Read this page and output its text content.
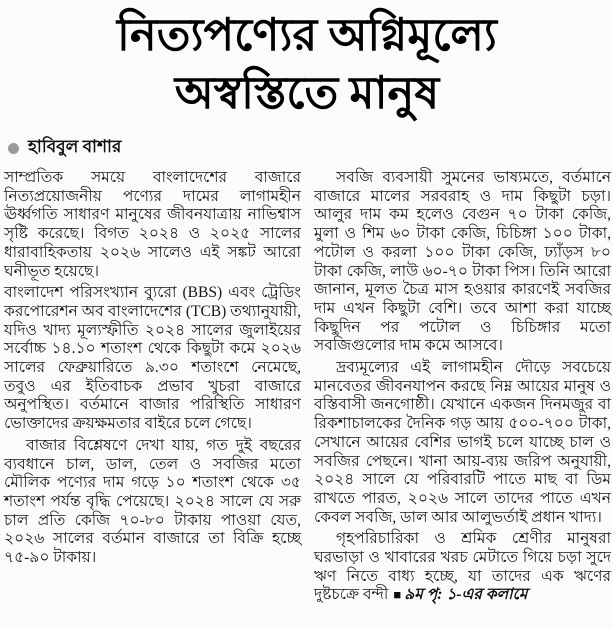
নিত্যপণ্যের অগ্নিমূল্যে
অস্বস্তিতে মানুষ
হাবিবুল বাশার

সাম্প্রতিক সময়ে বাংলাদেশের বাজারে নিত্যপ্রয়োজনীয় পণ্যের দামের লাগামহীন ঊর্ধ্বগতি সাধারণ মানুষের জীবনযাত্রায় নাভিশ্বাস সৃষ্টি করেছে। বিগত ২০২৪ ও ২০২৫ সালের ধারাবাহিকতায় ২০২৬ সালেও এই সঙ্কট আরো ঘনীভূত হয়েছে।

বাংলাদেশ পরিসংখ্যান ব্যুরো (BBS) এবং ট্রেডিং করপোরেশন অব বাংলাদেশের (TCB) তথ্যানুযায়ী, যদিও খাদ্য মূল্যস্ফীতি ২০২৪ সালের জুলাইয়ের সর্বোচ্চ ১৪.১০ শতাংশ থেকে কিছুটা কমে ২০২৬ সালের ফেব্রুয়ারিতে ৯.৩০ শতাংশে নেমেছে, তবুও এর ইতিবাচক প্রভাব খুচরা বাজারে অনুপস্থিত। বর্তমানে বাজার পরিস্থিতি সাধারণ ভোক্তাদের ক্রয়ক্ষমতার বাইরে চলে গেছে।

বাজার বিশ্লেষণে দেখা যায়, গত দুই বছরের ব্যবধানে চাল, ডাল, তেল ও সবজির মতো মৌলিক পণ্যের দাম গড়ে ১০ শতাংশ থেকে ৩৫ শতাংশ পর্যন্ত বৃদ্ধি পেয়েছে। ২০২৪ সালে যে সরু চাল প্রতি কেজি ৭০-৮০ টাকায় পাওয়া যেত, ২০২৬ সালের বর্তমান বাজারে তা বিক্রি হচ্ছে ৭৫-৯০ টাকায়।

সবজি ব্যবসায়ী সুমনের ভাষ্যমতে, বর্তমানে বাজারে মালের সরবরাহ ও দাম কিছুটা চড়া। আলুর দাম কম হলেও বেগুন ৭০ টাকা কেজি, মুলা ও শিম ৬০ টাকা কেজি, চিচিঙ্গা ১০০ টাকা, পটোল ও করলা ১০০ টাকা কেজি, ঢ্যাঁড়স ৮০ টাকা কেজি, লাউ ৬০-৭০ টাকা পিস। তিনি আরো জানান, মূলত চৈত্র মাস হওয়ার কারণেই সবজির দাম এখন কিছুটা বেশি। তবে আশা করা যাচ্ছে কিছুদিন পর পটোল ও চিচিঙ্গার মতো সবজিগুলোর দাম কমে আসবে।

দ্রব্যমূল্যের এই লাগামহীন দৌড়ে সবচেয়ে মানবেতর জীবনযাপন করছে নিম্ন আয়ের মানুষ ও বস্তিবাসী জনগোষ্ঠী। যেখানে একজন দিনমজুর বা রিকশাচালকের দৈনিক গড় আয় ৫০০-৭০০ টাকা, সেখানে আয়ের বেশির ভাগই চলে যাচ্ছে চাল ও সবজির পেছনে। খানা আয়-ব্যয় জরিপ অনুযায়ী, ২০২৪ সালে যে পরিবারটি পাতে মাছ বা ডিম রাখতে পারত, ২০২৬ সালে তাদের পাতে এখন কেবল সবজি, ডাল আর আলুভর্তাই প্রধান খাদ্য।

গৃহপরিচারিকা ও শ্রমিক শ্রেণীর মানুষরা ঘরভাড়া ও খাবারের খরচ মেটাতে গিয়ে চড়া সুদে ঋণ নিতে বাধ্য হচ্ছে, যা তাদের এক ঋণের দুষ্টচক্রে বন্দী ■ ৯ম পৃ: ১-এর কলামে
